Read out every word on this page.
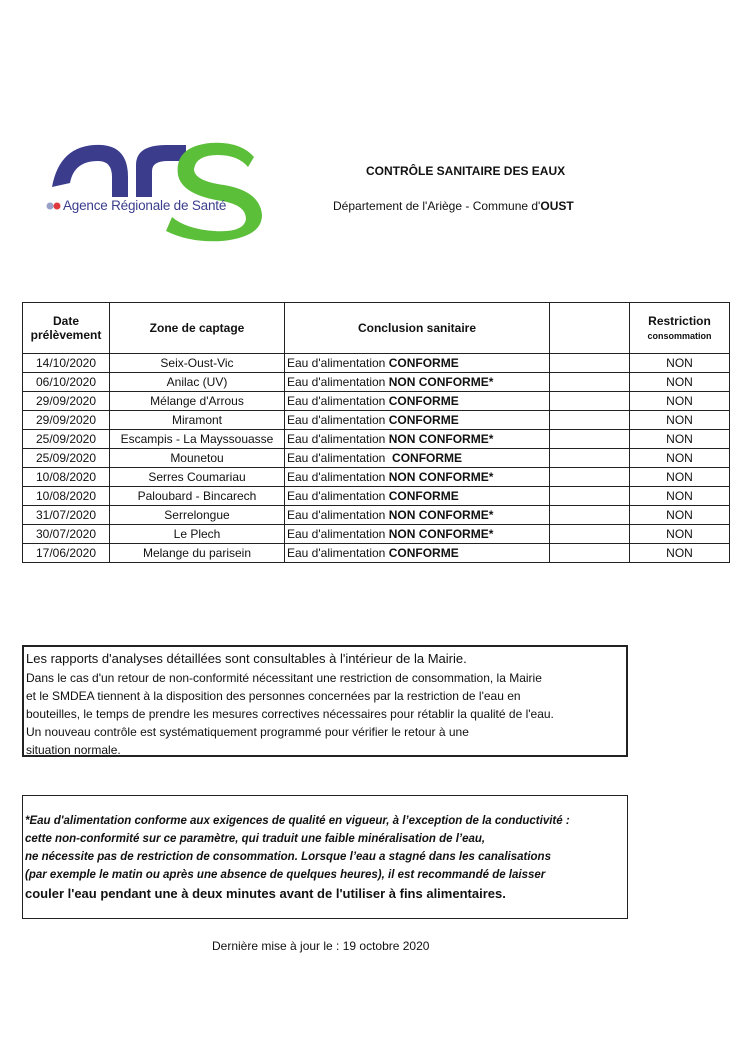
Agence Régionale de Santé
CONTRÔLE SANITAIRE DES EAUX
Département de l'Ariège - Commune d'OUST
Date
prélèvement	Zone de captage	Conclusion sanitaire		Restriction
consommation
14/10/2020	Seix-Oust-Vic	Eau d'alimentation CONFORME		NON
06/10/2020	Anilac (UV)	Eau d'alimentation NON CONFORME*		NON
29/09/2020	Mélange d'Arrous	Eau d'alimentation CONFORME		NON
29/09/2020	Miramont	Eau d'alimentation CONFORME		NON
25/09/2020	Escampis - La Mayssouasse	Eau d'alimentation NON CONFORME*		NON
25/09/2020	Mounetou	Eau d'alimentation  CONFORME		NON
10/08/2020	Serres Coumariau	Eau d'alimentation NON CONFORME*		NON
10/08/2020	Paloubard - Bincarech	Eau d'alimentation CONFORME		NON
31/07/2020	Serrelongue	Eau d'alimentation NON CONFORME*		NON
30/07/2020	Le Plech	Eau d'alimentation NON CONFORME*		NON
17/06/2020	Melange du parisein	Eau d'alimentation CONFORME		NON
Les rapports d'analyses détaillées sont consultables à l'intérieur de la Mairie.
Dans le cas d'un retour de non-conformité nécessitant une restriction de consommation, la Mairie
et le SMDEA tiennent à la disposition des personnes concernées par la restriction de l'eau en
bouteilles, le temps de prendre les mesures correctives nécessaires pour rétablir la qualité de l'eau.
Un nouveau contrôle est systématiquement programmé pour vérifier le retour à une
situation normale.
*Eau d'alimentation conforme aux exigences de qualité en vigueur, à l’exception de la conductivité :
cette non-conformité sur ce paramètre, qui traduit une faible minéralisation de l’eau,
ne nécessite pas de restriction de consommation. Lorsque l’eau a stagné dans les canalisations
(par exemple le matin ou après une absence de quelques heures), il est recommandé de laisser
couler l'eau pendant une à deux minutes avant de l'utiliser à fins alimentaires.
Dernière mise à jour le : 19 octobre 2020
